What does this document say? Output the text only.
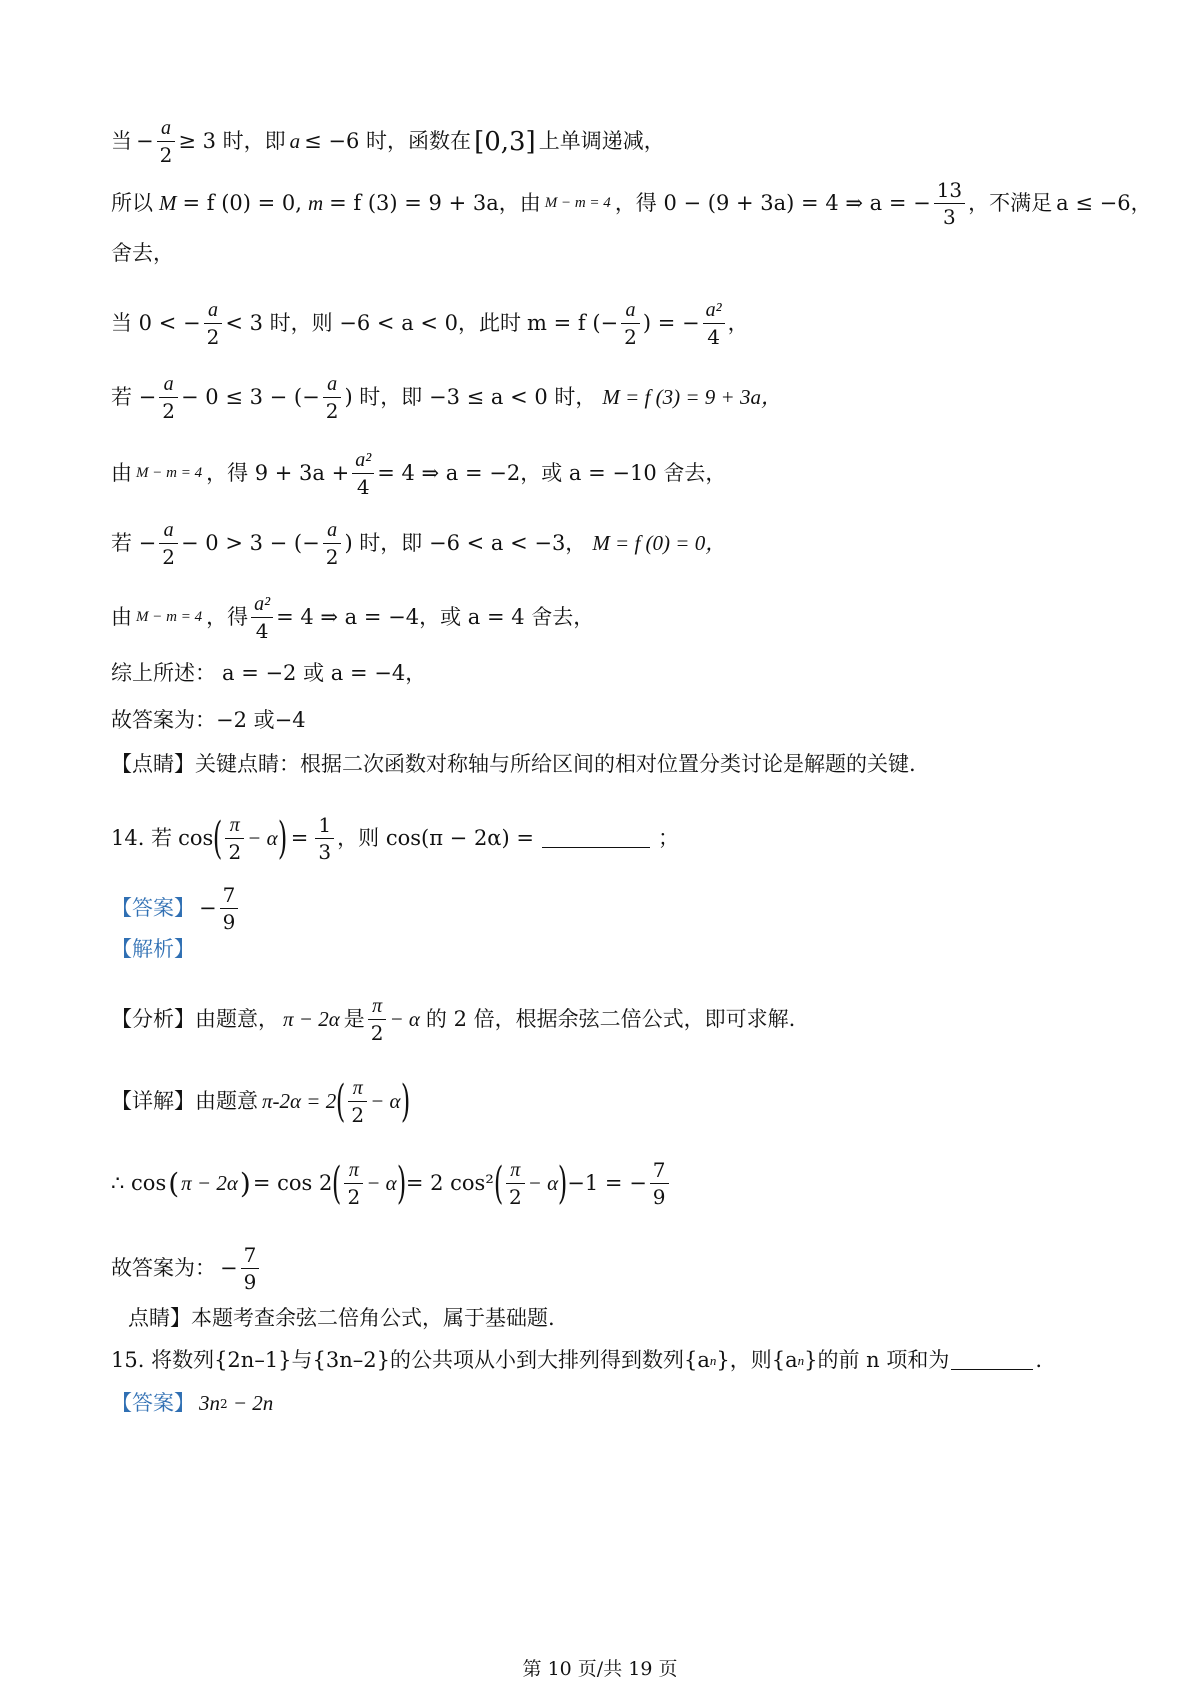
当 − $\frac{a}{2} \ge 3$ 时，即 a ≤ −6 时，函数在 [0,3] 上单调递减，
所以 M = f (0) = 0, m = f (3) = 9 + 3a ，由 M − m = 4 ，得 0 − (9 + 3a) = 4 ⇒ a = − $\frac{13}{3}$ ，不满足 a ≤ −6，
舍去，
当 0 < − $\frac{a}{2} < 3$ 时，则 −6 < a < 0，此时 m = f (− $\frac{a}{2}$ ) = − $\frac{\text{a²}}{4}$ ，
若 − $\frac{a}{2} - 0 \le 3$ − (− $\frac{a}{2}$ ) 时，即 −3 ≤ a < 0 时， M = f (3) = 9 + 3a，
由 M − m = 4 ，得 $9 + 3a + \frac{\text{a²}}{4} = 4$ ⇒ a = −2，或 a = −10 舍去，
若 − $\frac{a}{2} - 0 > 3$ − (− $\frac{a}{2}$ ) 时，即 −6 < a < −3， M = f (0) = 0，
由 M − m = 4 ，得 $\frac{\text{a²}}{4} = 4$ ⇒ a = −4，或 a = 4 舍去，
综上所述： a = −2 或 a = −4，
故答案为：−2 或−4
【点睛】关键点睛：根据二次函数对称轴与所给区间的相对位置分类讨论是解题的关键.
14. 若 cos ( $\frac{\pi}{2} - \alpha$ ) = $\frac{1}{3}$ ，则 cos(π − 2α) =	；
【答案】 − $\frac{7}{9}$
【解析】
【分析】由题意， π − 2α 是 $\frac{\pi}{2} - \alpha$ 的 2 倍，根据余弦二倍公式，即可求解.
【详解】由题意 π-2α = 2 ( $\frac{\pi}{2} - \alpha$ )
∴ cos ( π − 2α ) = cos 2 ( $\frac{\pi}{2} - \alpha$ ) = 2 cos² ( $\frac{\pi}{2} - \alpha$ ) −1 = − $\frac{7}{9}$
故答案为： − $\frac{7}{9}$
点睛】本题考查余弦二倍角公式，属于基础题.
15. 将数列{2n–1}与{3n–2}的公共项从小到大排列得到数列{a n }，则{a n }的前 n 项和为	.
【答案】 3n 2 − 2n
第 10 页/共 19 页
